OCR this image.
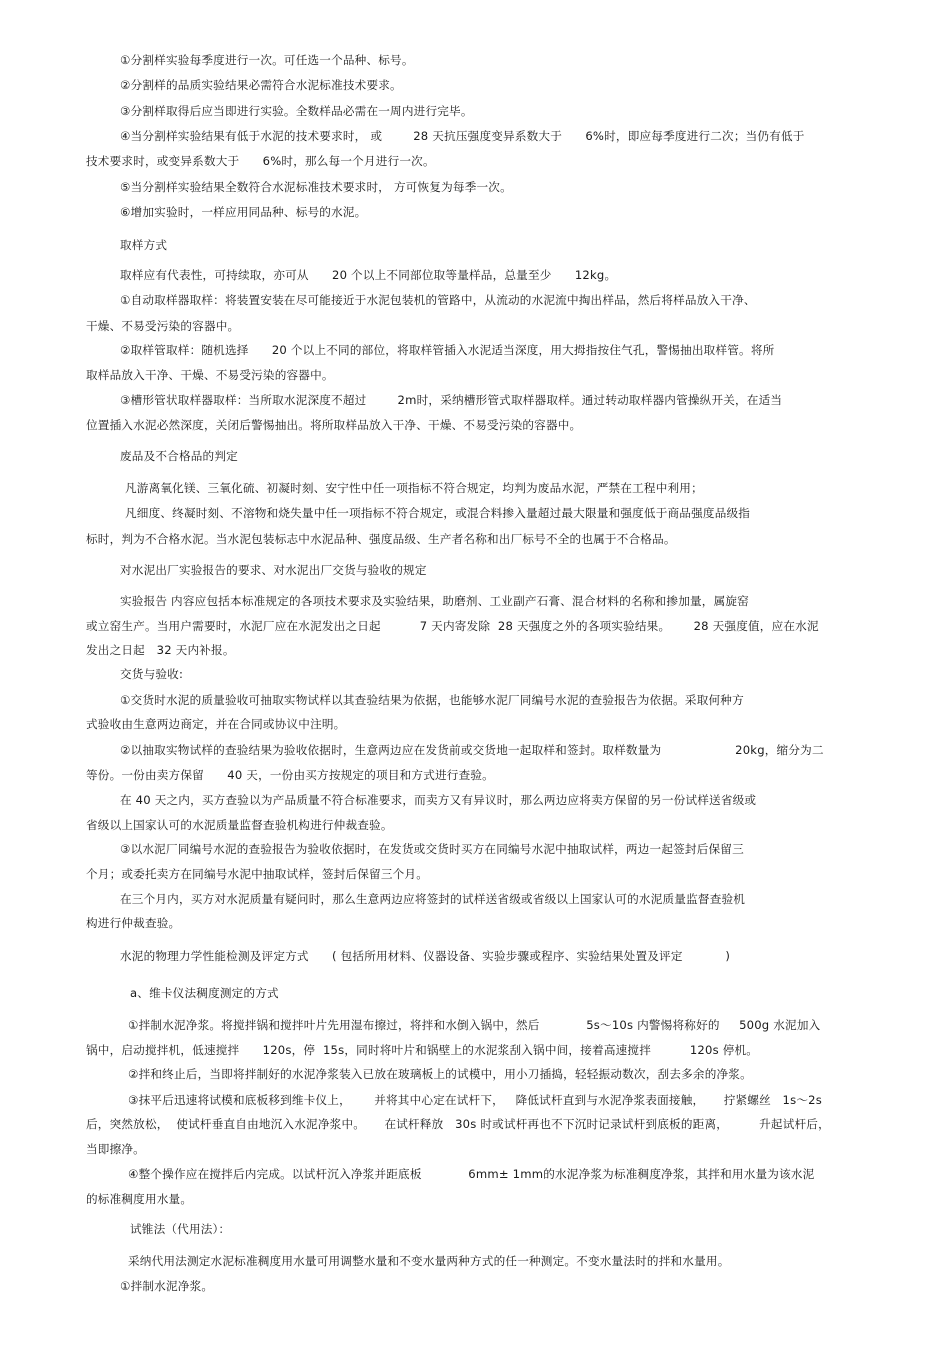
①分割样实验每季度进行一次。可任选一个品种、标号。
②分割样的品质实验结果必需符合水泥标准技术要求。
③分割样取得后应当即进行实验。全数样品必需在一周内进行完毕。
④当分割样实验结果有低于水泥的技术要求时， 或        28 天抗压强度变异系数大于      6%时，即应每季度进行二次；当仍有低于
技术要求时，或变异系数大于      6%时，那么每一个月进行一次。
⑤当分割样实验结果全数符合水泥标准技术要求时， 方可恢复为每季一次。
⑥增加实验时，一样应用同品种、标号的水泥。
取样方式
取样应有代表性，可持续取，亦可从      20 个以上不同部位取等量样品，总量至少      12kg。
①自动取样器取样：将装置安装在尽可能接近于水泥包装机的管路中，从流动的水泥流中掏出样品，然后将样品放入干净、
干燥、不易受污染的容器中。
②取样管取样：随机选择      20 个以上不同的部位，将取样管插入水泥适当深度，用大拇指按住气孔，警惕抽出取样管。将所
取样品放入干净、干燥、不易受污染的容器中。
③槽形管状取样器取样：当所取水泥深度不超过        2m时，采纳槽形管式取样器取样。通过转动取样器内管操纵开关，在适当
位置插入水泥必然深度，关闭后警惕抽出。将所取样品放入干净、干燥、不易受污染的容器中。
废品及不合格品的判定
凡游离氧化镁、三氧化硫、初凝时刻、安宁性中任一项指标不符合规定，均判为废品水泥，严禁在工程中利用；
凡细度、终凝时刻、不溶物和烧失量中任一项指标不符合规定，或混合料掺入量超过最大限量和强度低于商品强度品级指
标时，判为不合格水泥。当水泥包装标志中水泥品种、强度品级、生产者名称和出厂标号不全的也属于不合格品。
对水泥出厂实验报告的要求、对水泥出厂交货与验收的规定
实验报告 内容应包括本标准规定的各项技术要求及实验结果，助磨剂、工业副产石膏、混合材料的名称和掺加量，属旋窑
或立窑生产。当用户需要时，水泥厂应在水泥发出之日起          7 天内寄发除  28 天强度之外的各项实验结果。      28 天强度值，应在水泥
发出之日起   32 天内补报。
交货与验收:
①交货时水泥的质量验收可抽取实物试样以其查验结果为依据，也能够水泥厂同编号水泥的查验报告为依据。采取何种方
式验收由生意两边商定，并在合同或协议中注明。
②以抽取实物试样的查验结果为验收依据时，生意两边应在发货前或交货地一起取样和签封。取样数量为                   20kg，缩分为二
等份。一份由卖方保留      40 天，一份由买方按规定的项目和方式进行查验。
在 40 天之内，买方查验以为产品质量不符合标准要求，而卖方又有异议时，那么两边应将卖方保留的另一份试样送省级或
省级以上国家认可的水泥质量监督查验机构进行仲裁查验。
③以水泥厂同编号水泥的查验报告为验收依据时，在发货或交货时买方在同编号水泥中抽取试样，两边一起签封后保留三
个月；或委托卖方在同编号水泥中抽取试样，签封后保留三个月。
在三个月内，买方对水泥质量有疑问时，那么生意两边应将签封的试样送省级或省级以上国家认可的水泥质量监督查验机
构进行仲裁查验。
水泥的物理力学性能检测及评定方式      ( 包括所用材料、仪器设备、实验步骤或程序、实验结果处置及评定           )
a、维卡仪法稠度测定的方式
①拌制水泥净浆。将搅拌锅和搅拌叶片先用湿布擦过，将拌和水倒入锅中，然后            5s～10s 内警惕将称好的     500g 水泥加入
锅中，启动搅拌机，低速搅拌      120s，停  15s，同时将叶片和锅壁上的水泥浆刮入锅中间，接着高速搅拌          120s 停机。
②拌和终止后，当即将拌制好的水泥净浆装入已放在玻璃板上的试模中，用小刀插捣，轻轻振动数次，刮去多余的净浆。
③抹平后迅速将试模和底板移到维卡仪上，      并将其中心定在试杆下，   降低试杆直到与水泥净浆表面接触，     拧紧螺丝   1s～2s
后，突然放松，  使试杆垂直自由地沉入水泥净浆中。     在试杆释放   30s 时或试杆再也不下沉时记录试杆到底板的距离，        升起试杆后，
当即擦净。
④整个操作应在搅拌后内完成。以试杆沉入净浆并距底板            6mm± 1mm的水泥净浆为标准稠度净浆，其拌和用水量为该水泥
的标准稠度用水量。
试锥法（代用法）：
采纳代用法测定水泥标准稠度用水量可用调整水量和不变水量两种方式的任一种测定。不变水量法时的拌和水量用。
①拌制水泥净浆。
